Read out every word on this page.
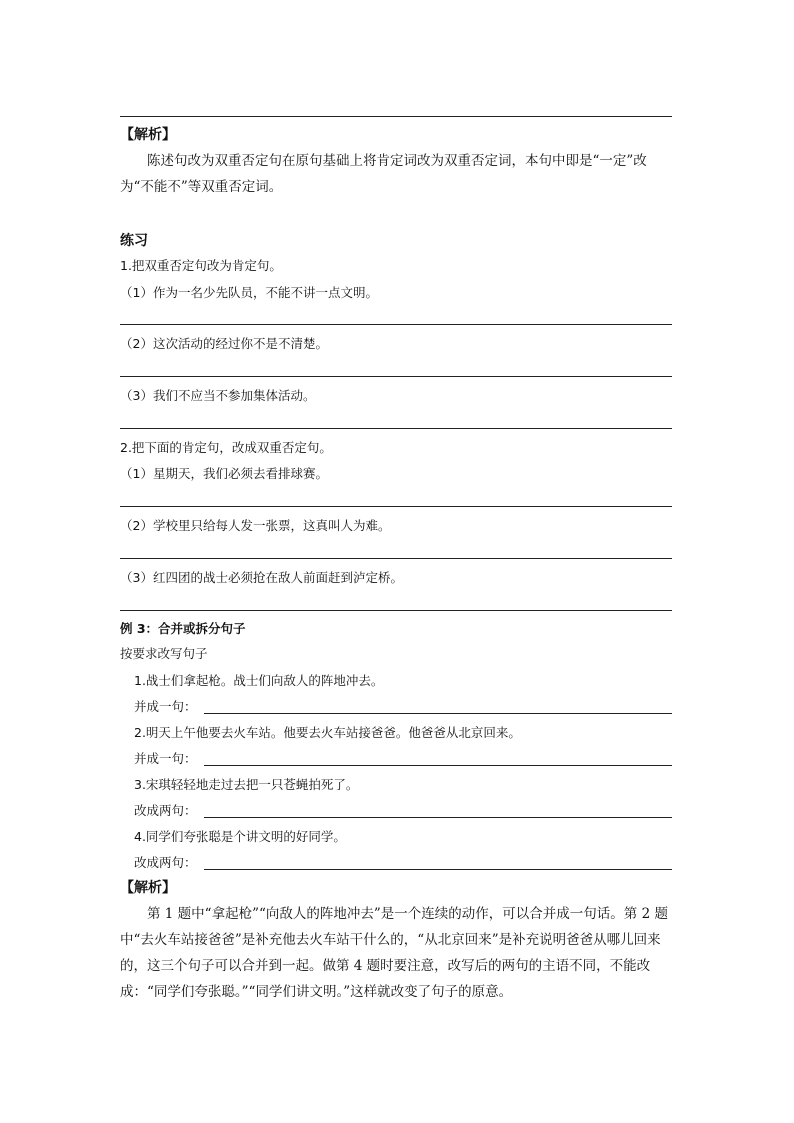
【解析】
陈述句改为双重否定句在原句基础上将肯定词改为双重否定词，本句中即是“一定”改为“不能不”等双重否定词。
练习
1.把双重否定句改为肯定句。
（1）作为一名少先队员，不能不讲一点文明。
（2）这次活动的经过你不是不清楚。
（3）我们不应当不参加集体活动。
2.把下面的肯定句，改成双重否定句。
（1）星期天，我们必须去看排球赛。
（2）学校里只给每人发一张票，这真叫人为难。
（3）红四团的战士必须抢在敌人前面赶到泸定桥。
例 3：合并或拆分句子
按要求改写句子
1.战士们拿起枪。战士们向敌人的阵地冲去。
并成一句：
2.明天上午他要去火车站。他要去火车站接爸爸。他爸爸从北京回来。
并成一句：
3.宋琪轻轻地走过去把一只苍蝇拍死了。
改成两句：
4.同学们夸张聪是个讲文明的好同学。
改成两句：
【解析】
第 1 题中“拿起枪”“向敌人的阵地冲去”是一个连续的动作，可以合并成一句话。第 2 题中“去火车站接爸爸”是补充他去火车站干什么的，“从北京回来”是补充说明爸爸从哪儿回来的，这三个句子可以合并到一起。做第 4 题时要注意，改写后的两句的主语不同，不能改成：“同学们夸张聪。”“同学们讲文明。”这样就改变了句子的原意。
